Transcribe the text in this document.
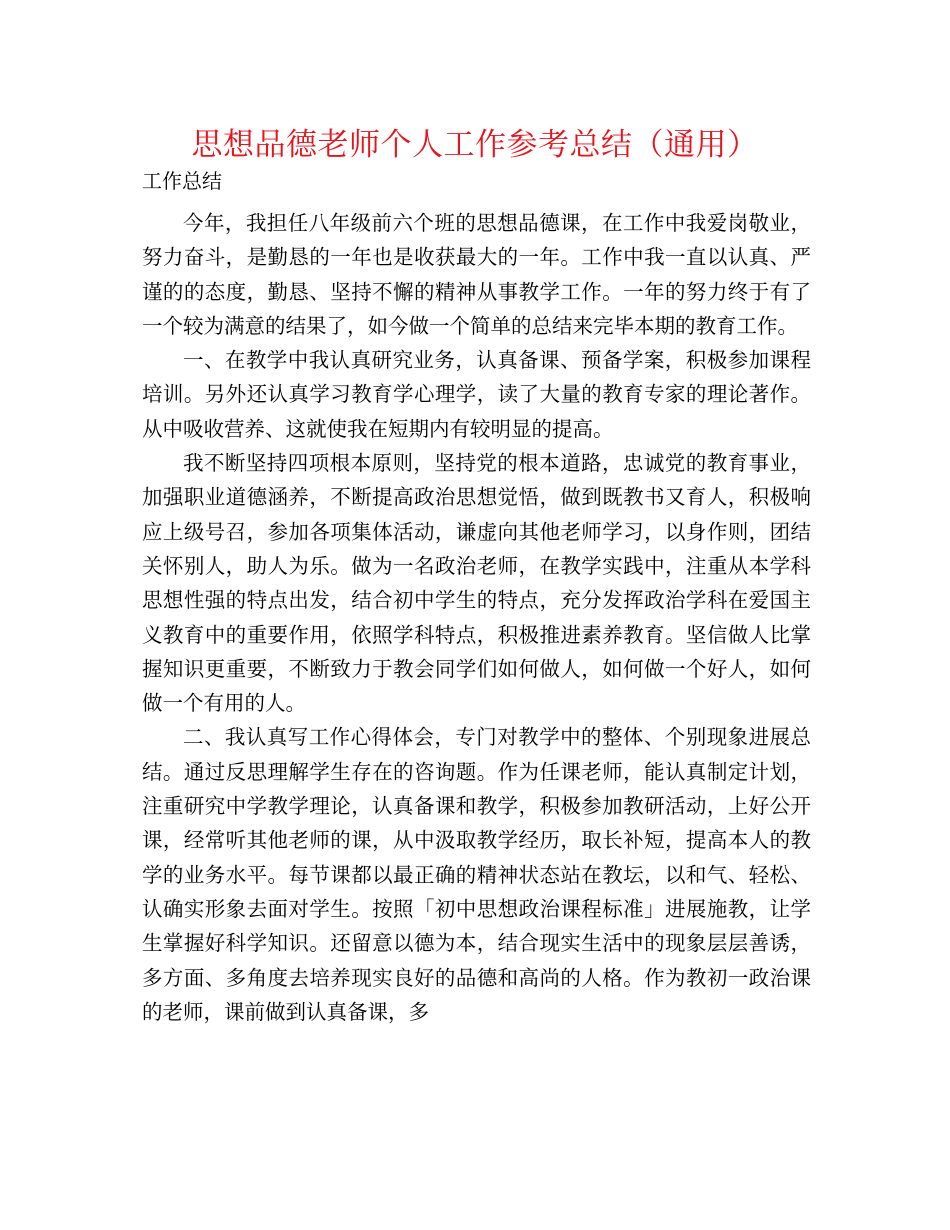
思想品德老师个人工作参考总结（通用）
工作总结

今年，我担任八年级前六个班的思想品德课，在工作中我爱岗敬业，努力奋斗，是勤恳的一年也是收获最大的一年。工作中我一直以认真、严谨的的态度，勤恳、坚持不懈的精神从事教学工作。一年的努力终于有了一个较为满意的结果了，如今做一个简单的总结来完毕本期的教育工作。

一、在教学中我认真研究业务，认真备课、预备学案，积极参加课程培训。另外还认真学习教育学心理学，读了大量的教育专家的理论著作。从中吸收营养、这就使我在短期内有较明显的提高。

我不断坚持四项根本原则，坚持党的根本道路，忠诚党的教育事业，加强职业道德涵养，不断提高政治思想觉悟，做到既教书又育人，积极响应上级号召，参加各项集体活动，谦虚向其他老师学习，以身作则，团结关怀别人，助人为乐。做为一名政治老师，在教学实践中，注重从本学科思想性强的特点出发，结合初中学生的特点，充分发挥政治学科在爱国主义教育中的重要作用，依照学科特点，积极推进素养教育。坚信做人比掌握知识更重要，不断致力于教会同学们如何做人，如何做一个好人，如何做一个有用的人。

二、我认真写工作心得体会，专门对教学中的整体、个别现象进展总结。通过反思理解学生存在的咨询题。作为任课老师，能认真制定计划，注重研究中学教学理论，认真备课和教学，积极参加教研活动，上好公开课，经常听其他老师的课，从中汲取教学经历，取长补短，提高本人的教学的业务水平。每节课都以最正确的精神状态站在教坛，以和气、轻松、认确实形象去面对学生。按照「初中思想政治课程标准」进展施教，让学生掌握好科学知识。还留意以德为本，结合现实生活中的现象层层善诱，多方面、多角度去培养现实良好的品德和高尚的人格。作为教初一政治课的老师，课前做到认真备课，多
